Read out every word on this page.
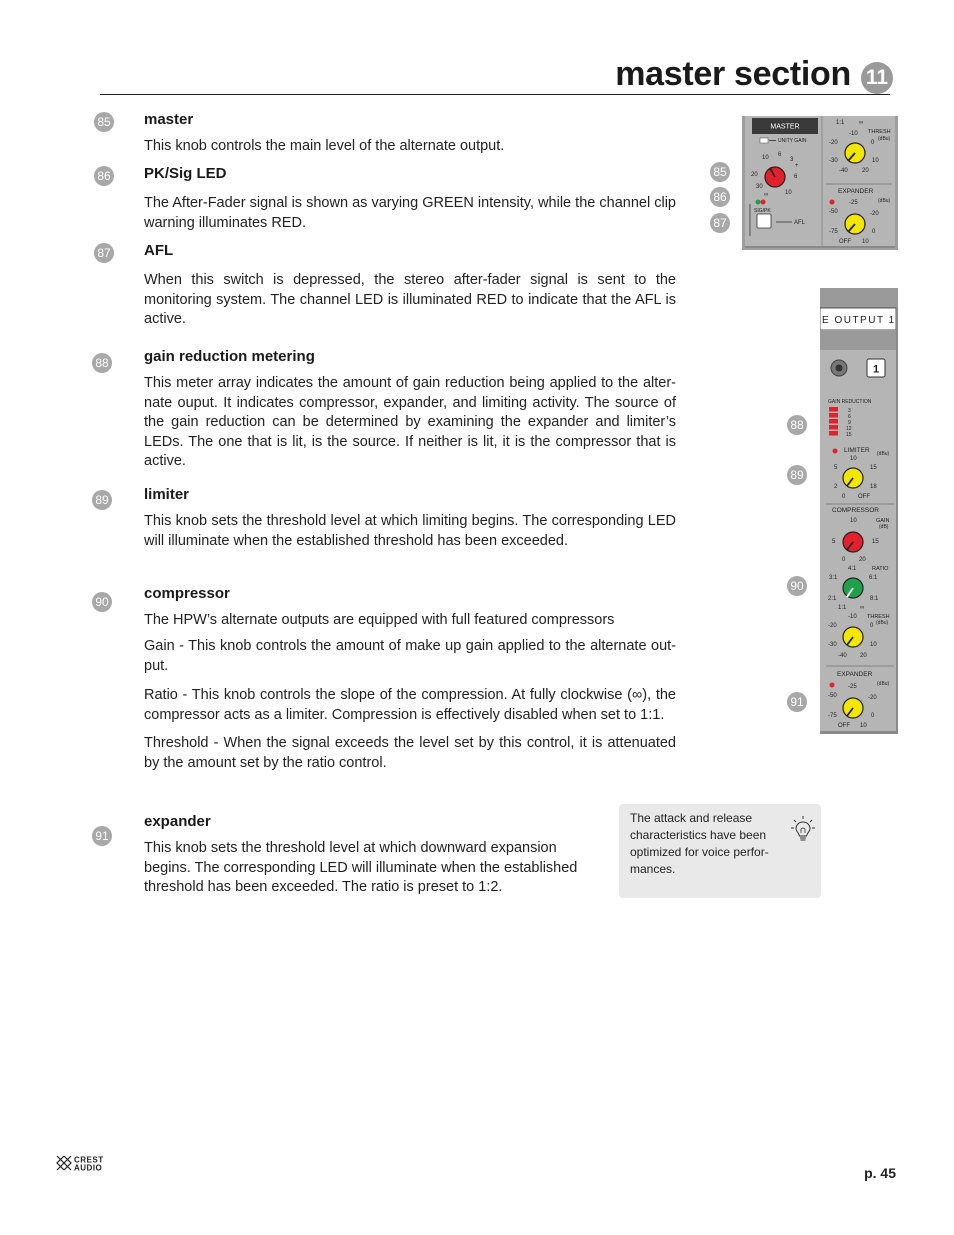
master section 11
85 master
This knob controls the main level of the alternate output.
86 PK/Sig LED
The After-Fader signal is shown as varying GREEN intensity, while the channel clip warning illuminates RED.
87 AFL
When this switch is depressed, the stereo after-fader signal is sent to the monitoring system. The channel LED is illuminated RED to indicate that the AFL is active.
88 gain reduction metering
This meter array indicates the amount of gain reduction being applied to the alter-nate ouput. It indicates compressor, expander, and limiting activity. The source of the gain reduction can be determined by examining the expander and limiter’s LEDs. The one that is lit, is the source. If neither is lit, it is the compressor that is active.
89 limiter
This knob sets the threshold level at which limiting begins. The corresponding LED will illuminate when the established threshold has been exceeded.
90 compressor
The HPW’s alternate outputs are equipped with full featured compressors
Gain - This knob controls the amount of make up gain applied to the alternate out-put.
Ratio - This knob controls the slope of the compression. At fully clockwise (∞), the compressor acts as a limiter. Compression is effectively disabled when set to 1:1.
Threshold - When the signal exceeds the level set by this control, it is attenuated by the amount set by the ratio control.
91
expander
This knob sets the threshold level at which downward expansion begins. The corresponding LED will illuminate when the established threshold has been exceeded. The ratio is preset to 1:2.
The attack and release characteristics have been optimized for voice perfor-mances.
85
86
87
MASTER
UNITY GAIN
10 6
3
+
20	6
30
∞	10
SIG/PK
AFL
1:1 ∞
THRESH
(dBu)
-10
-20	0
-30	10
-40 20
EXPANDER
(dBu)
-25
-50	-20
-75	0
OFF 10
88
89
90
91
E OUTPUT 1
1
GAIN REDUCTION
3
6
9
12
15
LIMITER (dBu)
10
5	15
2	18
0 OFF
COMPRESSOR
GAIN
(dB)
10
5	15
0 20
RATIO
4:1
3:1	6:1
2:1	8:1
1:1 ∞
THRESH
(dBu)
-10
-20	0
-30	10
-40 20
EXPANDER
(dBu)
-25
-50	-20
-75	0
OFF 10
CREST
AUDIO	p. 45
